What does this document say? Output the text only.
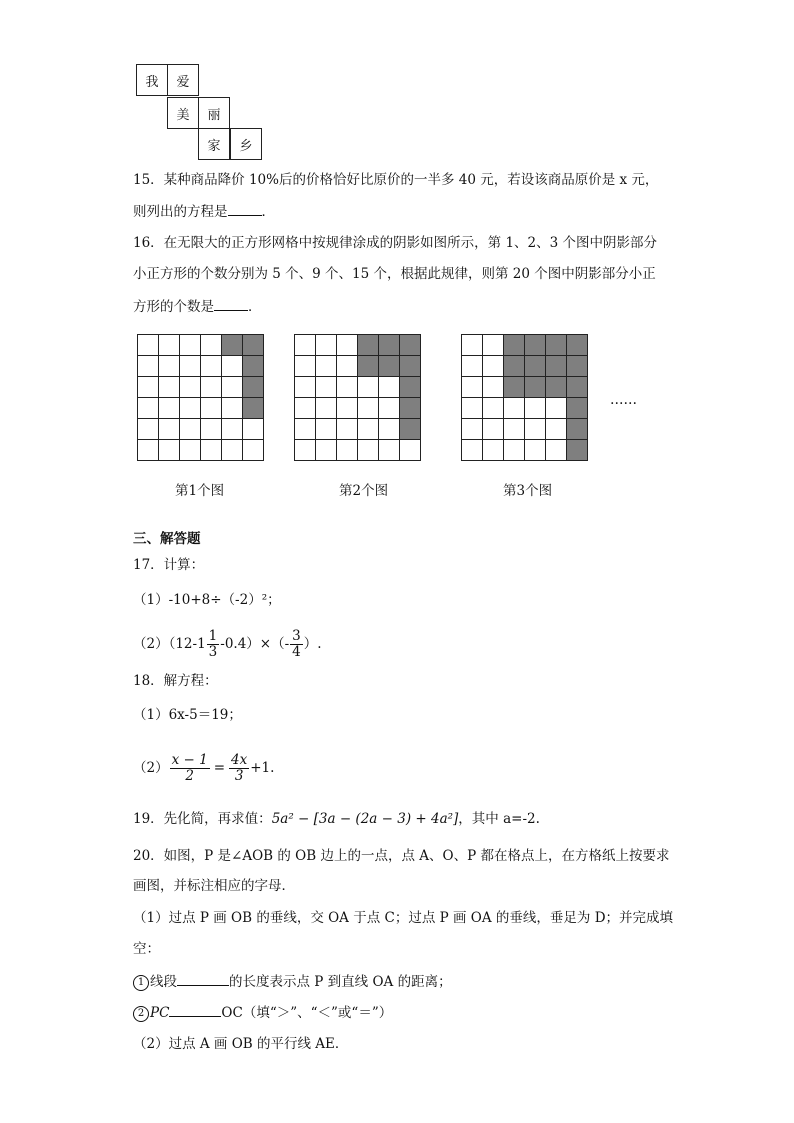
我	爱
美	丽
家	乡
15．某种商品降价 10%后的价格恰好比原价的一半多 40 元，若设该商品原价是 x 元，
则列出的方程是	．
16．在无限大的正方形网格中按规律涂成的阴影如图所示，第 1、2、3 个图中阴影部分
小正方形的个数分别为 5 个、9 个、15 个，根据此规律，则第 20 个图中阴影部分小正
方形的个数是	．

……
第1个图	第2个图	第3个图
三、解答题
17．计算：
（1）-10+8÷（-2）²；
$(2)(12-1 \frac{1}{3} -0.4)\times(- \frac{3}{4}$ ）.
18．解方程：
（1）6x-5＝19；
$(2) \frac{x - 1}{2} = \frac{4x}{3} +1$.
19．先化简，再求值：5a² − [3a − (2a − 3) + 4a²]，其中 a=-2.
20．如图，P 是∠AOB 的 OB 边上的一点，点 A、O、P 都在格点上，在方格纸上按要求
画图，并标注相应的字母．
（1）过点 P 画 OB 的垂线，交 OA 于点 C；过点 P 画 OA 的垂线，垂足为 D；并完成填
空：
1 线段	的长度表示点 P 到直线 OA 的距离；
2 PC	OC（填“＞”、“＜”或“＝”）
（2）过点 A 画 OB 的平行线 AE．
